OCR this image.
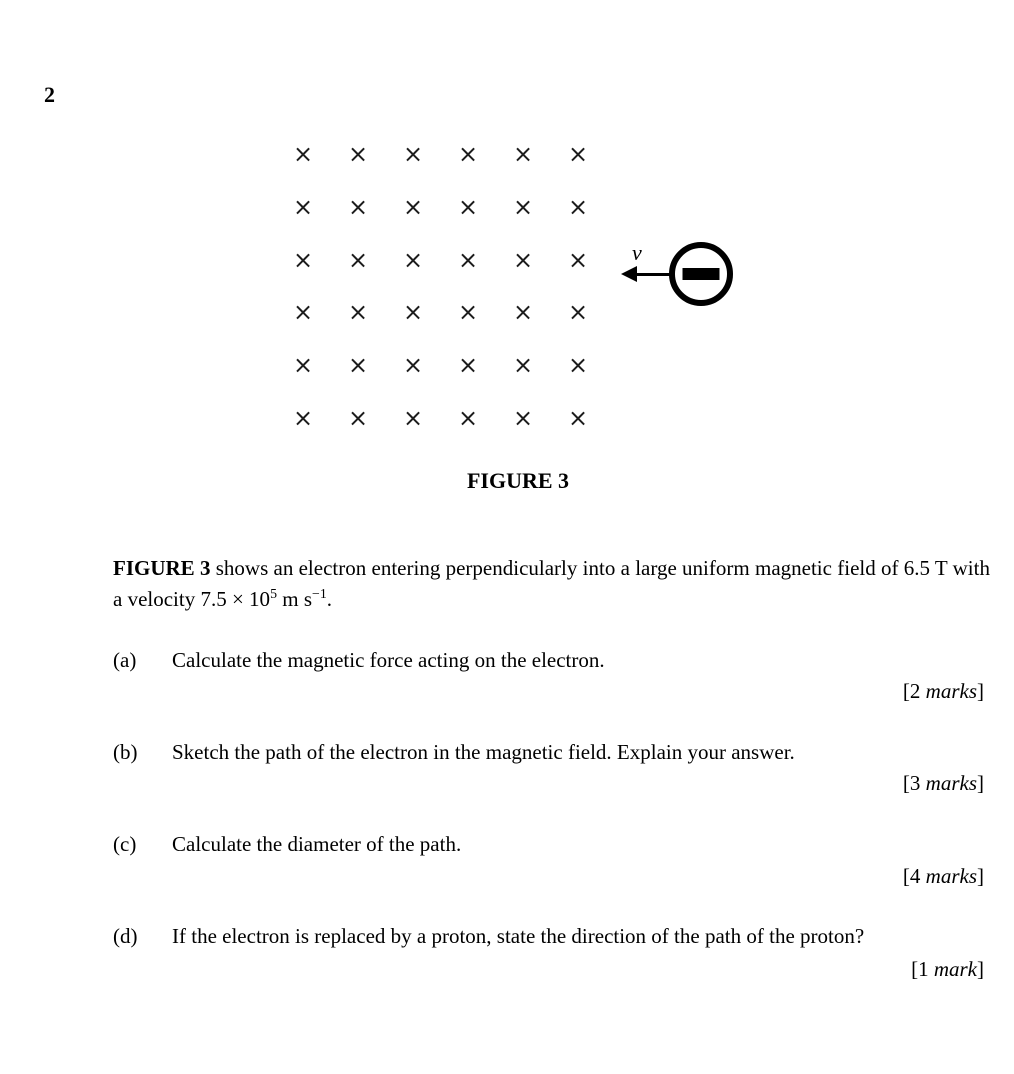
2
× × × × × ×
× × × × × ×
× × × × × ×
× × × × × ×
× × × × × ×
× × × × × ×
v
FIGURE 3
FIGURE 3 shows an electron entering perpendicularly into a large uniform magnetic field of 6.5 T with a velocity $7.5 \times 10^5$ m $s^{-1}$.
(a) Calculate the magnetic force acting on the electron.
[2 marks]
(b) Sketch the path of the electron in the magnetic field. Explain your answer.
[3 marks]
(c) Calculate the diameter of the path.
[4 marks]
(d) If the electron is replaced by a proton, state the direction of the path of the proton?
[1 mark]
